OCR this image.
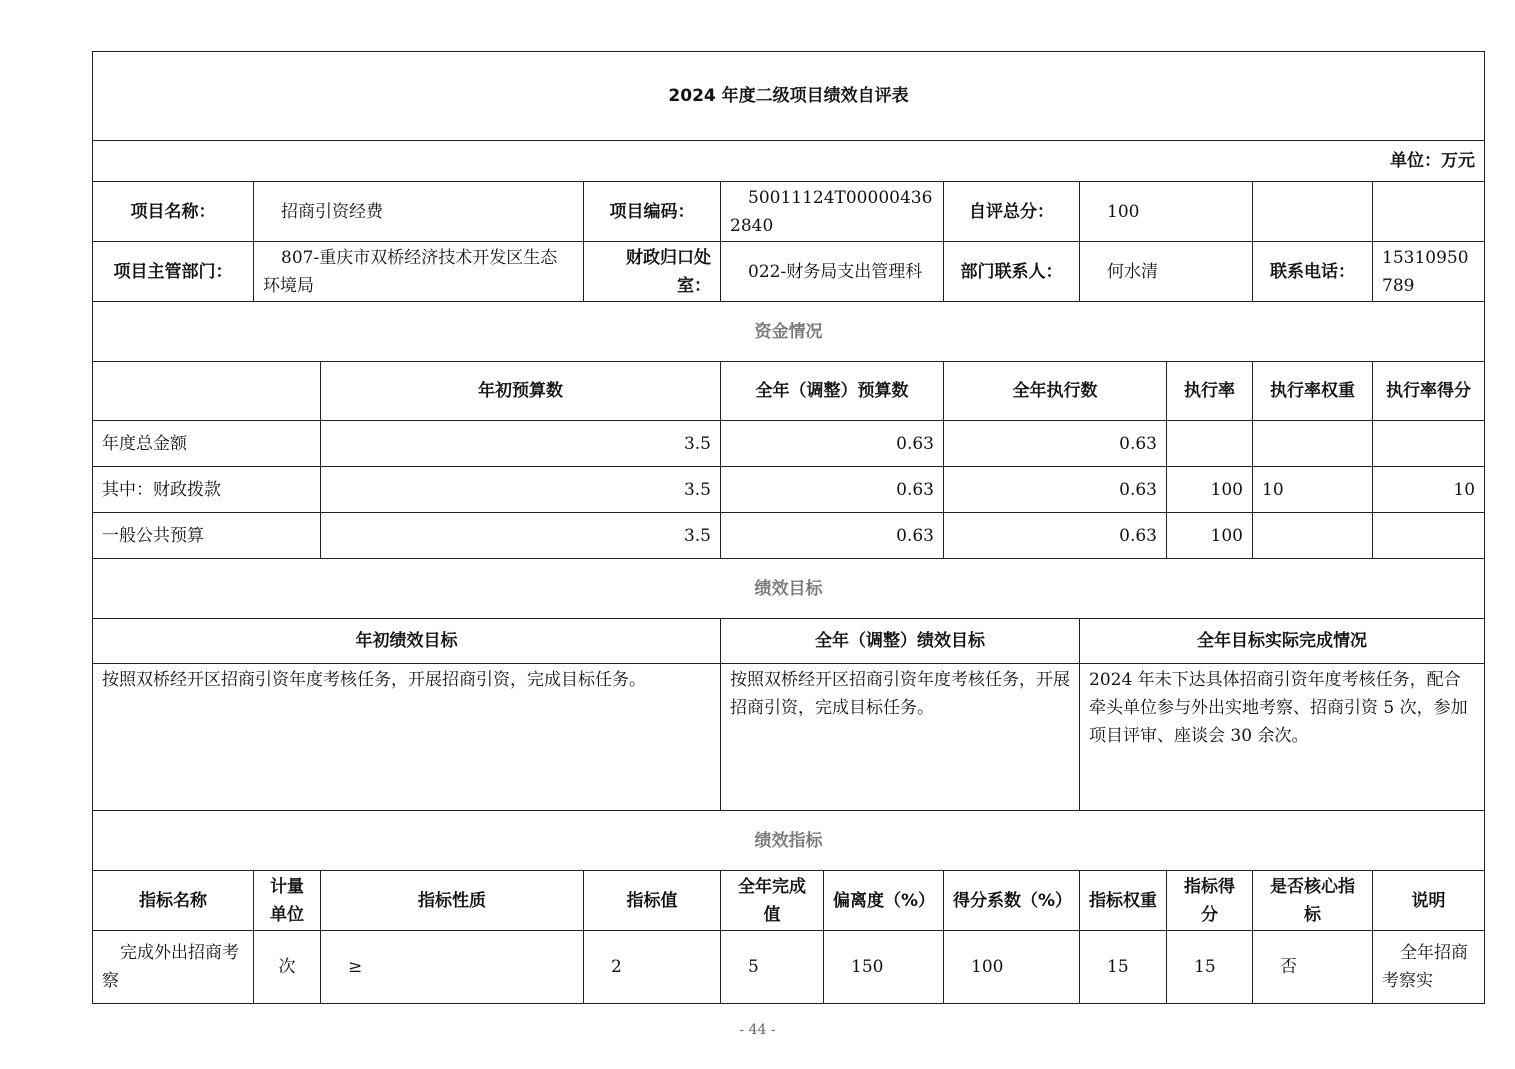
2024 年度二级项目绩效自评表										
单位：万元										
项目名称：	招商引资经费		项目编码：	50011124T000004362840		自评总分：	100			
项目主管部门：	807-重庆市双桥经济技术开发区生态环境局		财政归口处室：	022-财务局支出管理科		部门联系人：	何水清		联系电话：	15310950789
资金情况										
		年初预算数		全年（调整）预算数		全年执行数		执行率	执行率权重	执行率得分
年度总金额		3.5		0.63		0.63				
其中：财政拨款		3.5		0.63		0.63		100	10	10
一般公共预算		3.5		0.63		0.63		100		
绩效目标										
年初绩效目标				全年（调整）绩效目标			全年目标实际完成情况			
按照双桥经开区招商引资年度考核任务，开展招商引资，完成目标任务。				按照双桥经开区招商引资年度考核任务，开展招商引资，完成目标任务。			2024 年未下达具体招商引资年度考核任务，配合牵头单位参与外出实地考察、招商引资 5 次，参加项目评审、座谈会 30 余次。			
绩效指标										
指标名称	计量单位	指标性质	指标值	全年完成值	偏离度（%）	得分系数（%）	指标权重	指标得分	是否核心指标	说明
完成外出招商考察	次	≥	2	5	150	100	15	15	否	全年招商考察实
- 44 -
